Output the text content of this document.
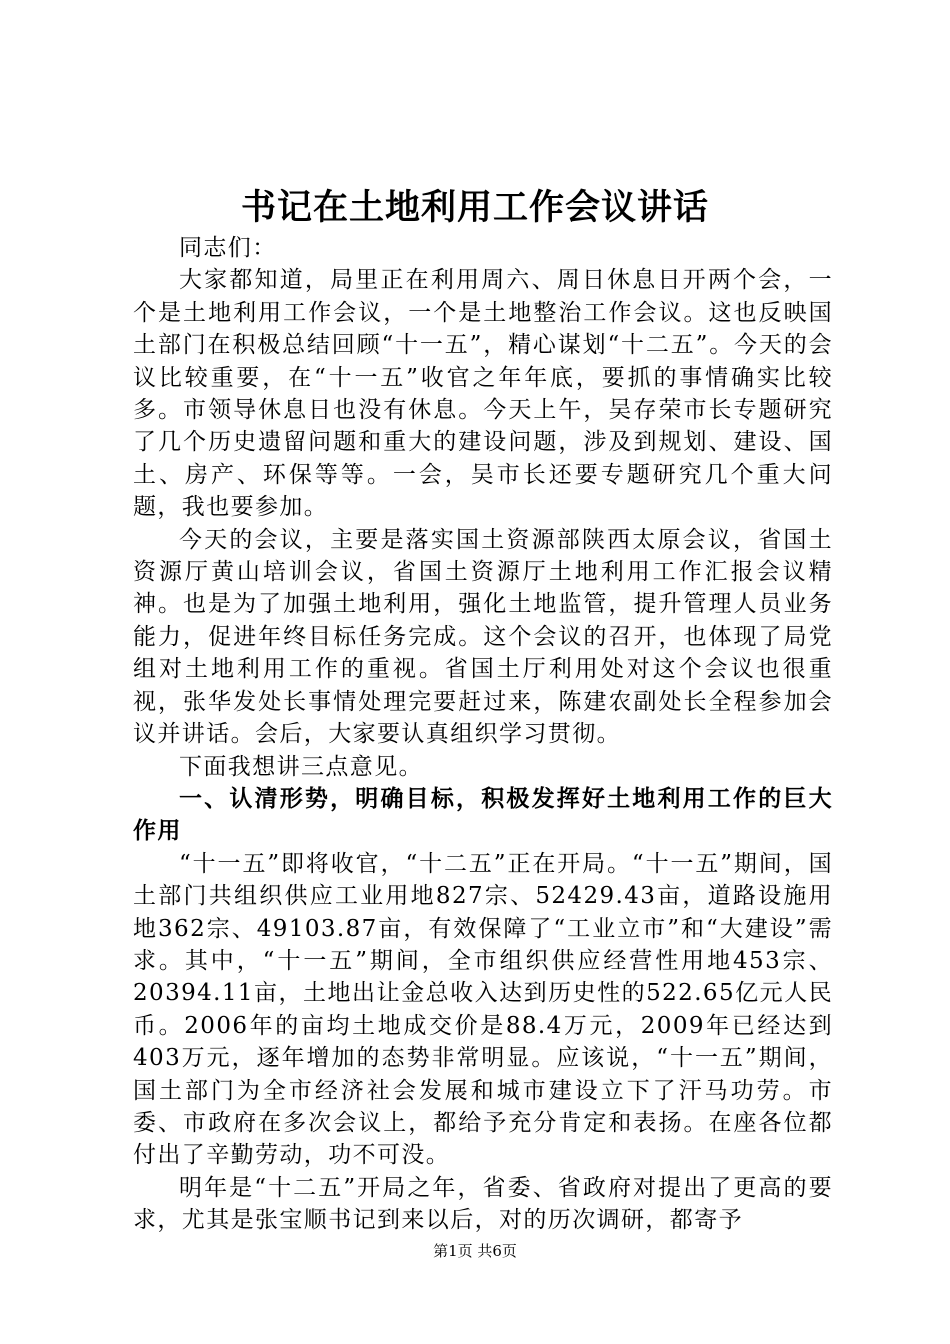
书记在土地利用工作会议讲话

同志们：

大家都知道，局里正在利用周六、周日休息日开两个会，一个是土地利用工作会议，一个是土地整治工作会议。这也反映国土部门在积极总结回顾“十一五”，精心谋划“十二五”。今天的会议比较重要，在“十一五”收官之年年底，要抓的事情确实比较多。市领导休息日也没有休息。今天上午，吴存荣市长专题研究了几个历史遗留问题和重大的建设问题，涉及到规划、建设、国土、房产、环保等等。一会，吴市长还要专题研究几个重大问题，我也要参加。

今天的会议，主要是落实国土资源部陕西太原会议，省国土资源厅黄山培训会议，省国土资源厅土地利用工作汇报会议精神。也是为了加强土地利用，强化土地监管，提升管理人员业务能力，促进年终目标任务完成。这个会议的召开，也体现了局党组对土地利用工作的重视。省国土厅利用处对这个会议也很重视，张华发处长事情处理完要赶过来，陈建农副处长全程参加会议并讲话。会后，大家要认真组织学习贯彻。

下面我想讲三点意见。

一、认清形势，明确目标，积极发挥好土地利用工作的巨大作用

“十一五”即将收官，“十二五”正在开局。“十一五”期间，国土部门共组织供应工业用地827宗、52429.43亩，道路设施用地362宗、49103.87亩，有效保障了“工业立市”和“大建设”需求。其中，“十一五”期间，全市组织供应经营性用地453宗、20394.11亩，土地出让金总收入达到历史性的522.65亿元人民币。2006年的亩均土地成交价是88.4万元，2009年已经达到403万元，逐年增加的态势非常明显。应该说，“十一五”期间，国土部门为全市经济社会发展和城市建设立下了汗马功劳。市委、市政府在多次会议上，都给予充分肯定和表扬。在座各位都付出了辛勤劳动，功不可没。

明年是“十二五”开局之年，省委、省政府对提出了更高的要求，尤其是张宝顺书记到来以后，对的历次调研，都寄予

第1页 共6页
